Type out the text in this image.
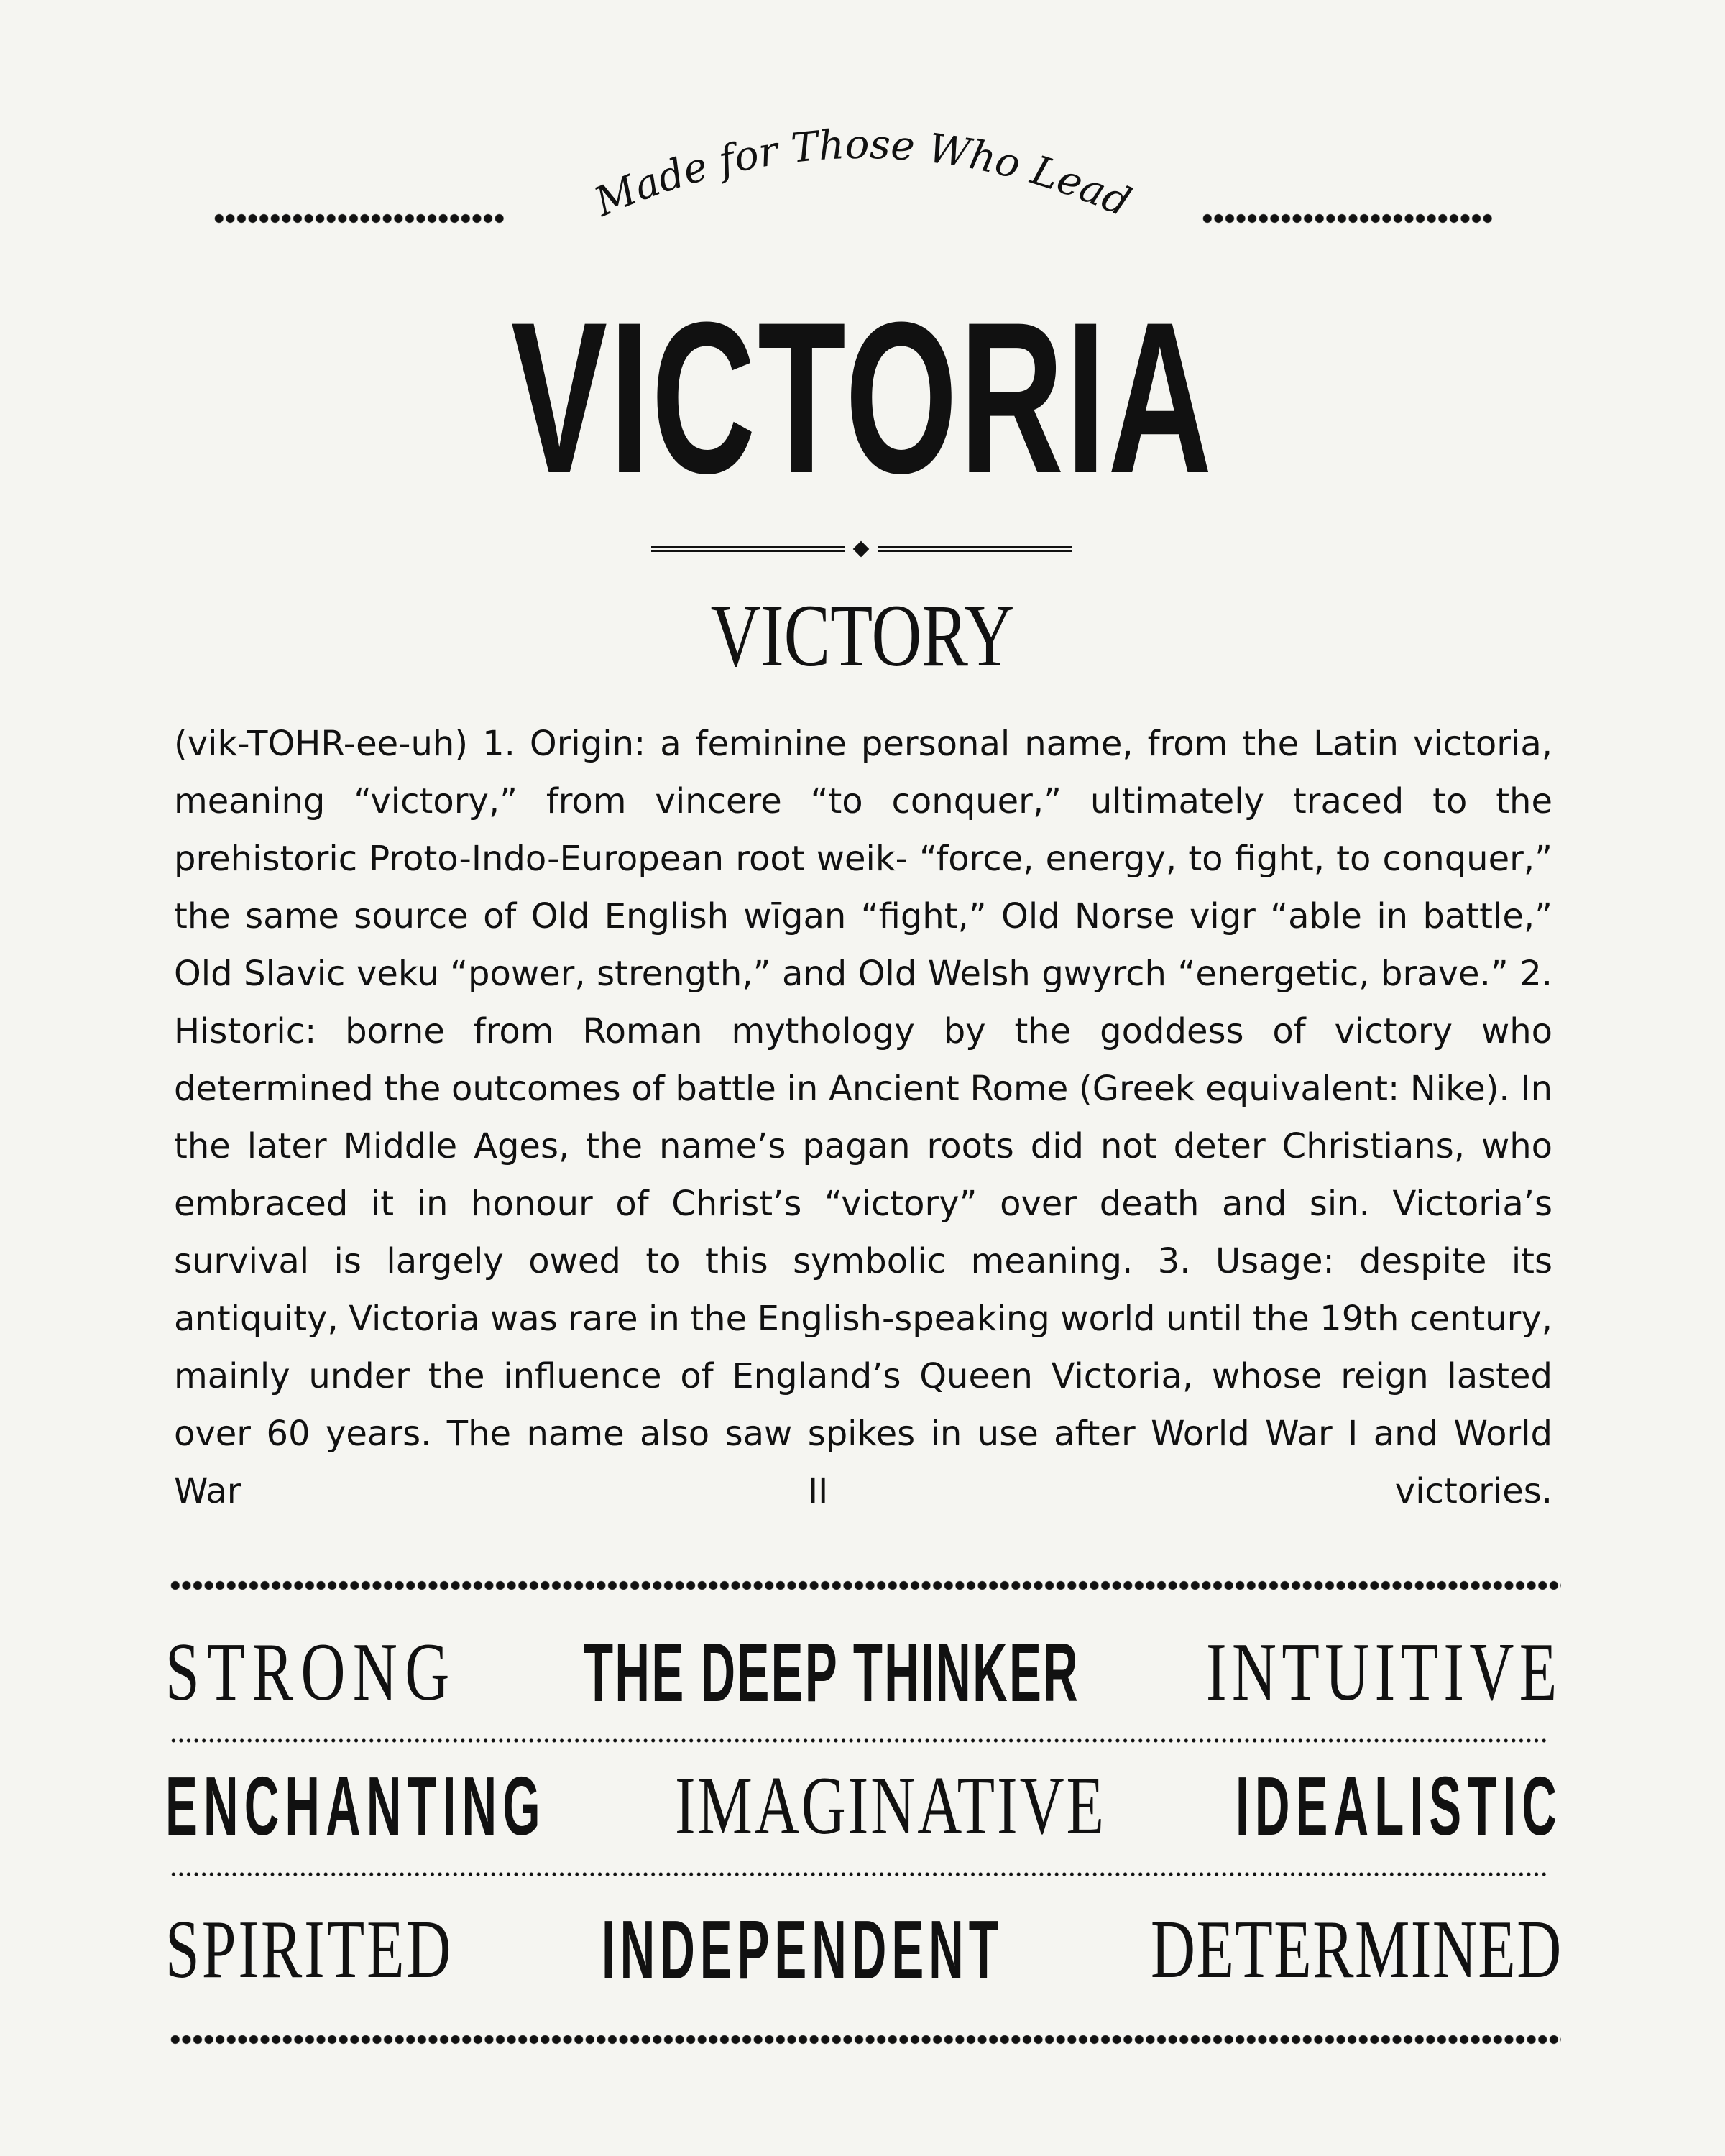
Made for Those Who Lead
VICTORIA
VICTORY
(vik-TOHR-ee-uh) 1. Origin: a feminine personal name, from the Latin victoria, meaning “victory,” from vincere “to conquer,” ultimately traced to the prehistoric Proto-Indo-European root weik- “force, energy, to fight, to conquer,” the same source of Old English wīgan “fight,” Old Norse vigr “able in battle,” Old Slavic veku “power, strength,” and Old Welsh gwyrch “energetic, brave.” 2. Historic: borne from Roman mythology by the goddess of victory who determined the outcomes of battle in Ancient Rome (Greek equivalent: Nike). In the later Middle Ages, the name’s pagan roots did not deter Christians, who embraced it in honour of Christ’s “victory” over death and sin. Victoria’s survival is largely owed to this symbolic meaning. 3. Usage: despite its antiquity, Victoria was rare in the English-speaking world until the 19th century, mainly under the influence of England’s Queen Victoria, whose reign lasted over 60 years. The name also saw spikes in use after World War I and World War II victories.
STRONG THE DEEP THINKER INTUITIVE
ENCHANTING IMAGINATIVE IDEALISTIC
SPIRITED INDEPENDENT DETERMINED
